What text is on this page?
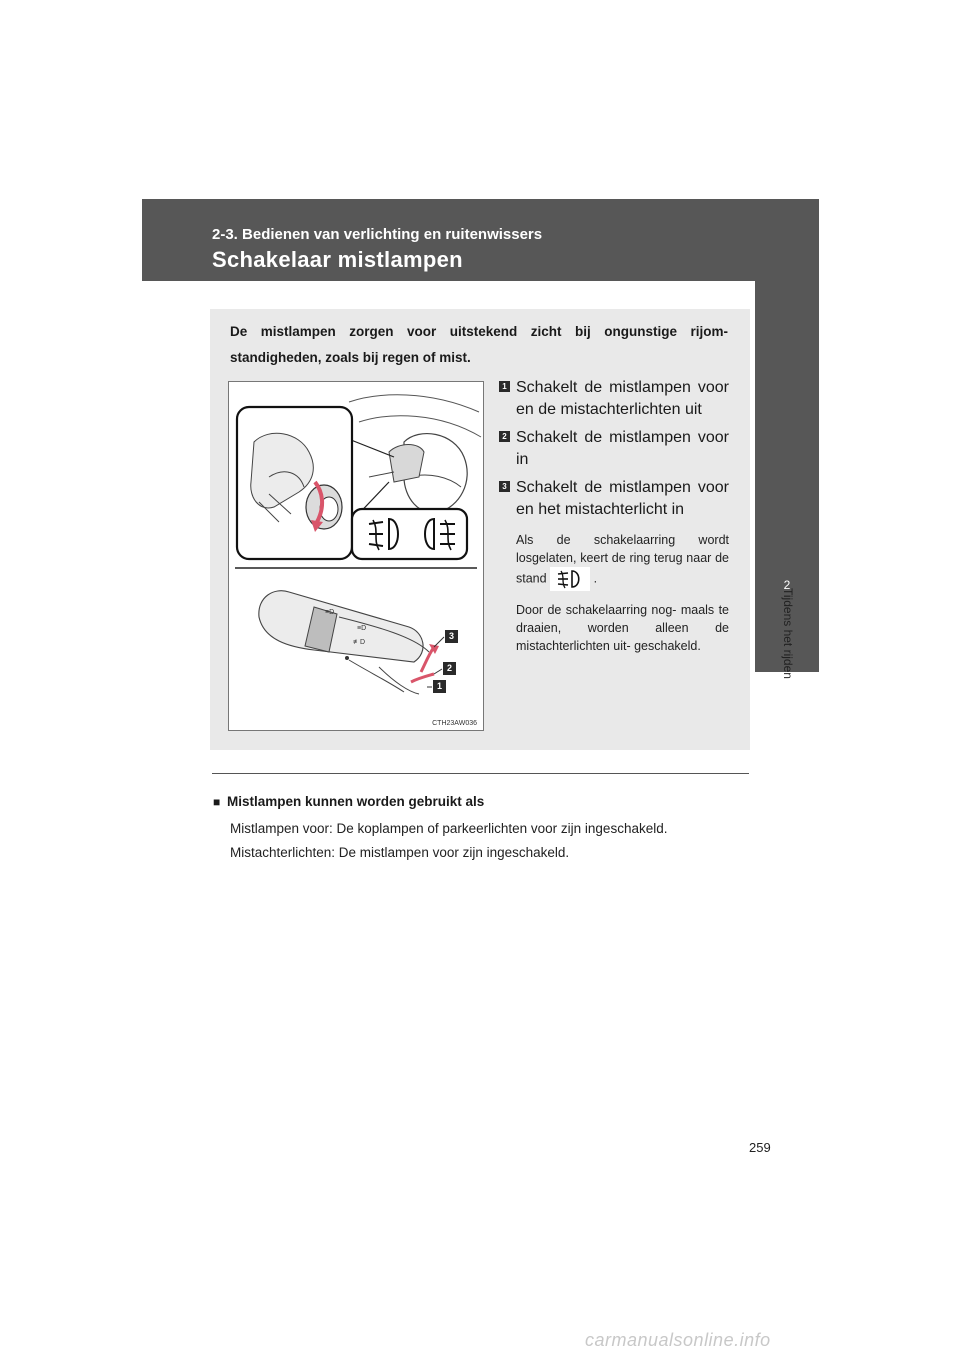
2-3. Bedienen van verlichting en ruitenwissers
Schakelaar mistlampen
2
Tijdens het rijden
De mistlampen zorgen voor uitstekend zicht bij ongunstige rijom- standigheden, zoals bij regen of mist.
≡D
≡D
≢D
3
2
1
CTH23AW036
1 Schakelt de mistlampen voor en de mistachterlichten uit
2 Schakelt de mistlampen voor in
3 Schakelt de mistlampen voor en het mistachterlicht in
Als de schakelaarring wordt losgelaten, keert de ring terug naar de stand	.
Door de schakelaarring nog- maals te draaien, worden alleen de mistachterlichten uit- geschakeld.
■ Mistlampen kunnen worden gebruikt als
Mistlampen voor: De koplampen of parkeerlichten voor zijn ingeschakeld.
Mistachterlichten: De mistlampen voor zijn ingeschakeld.
259
carmanualsonline.info
